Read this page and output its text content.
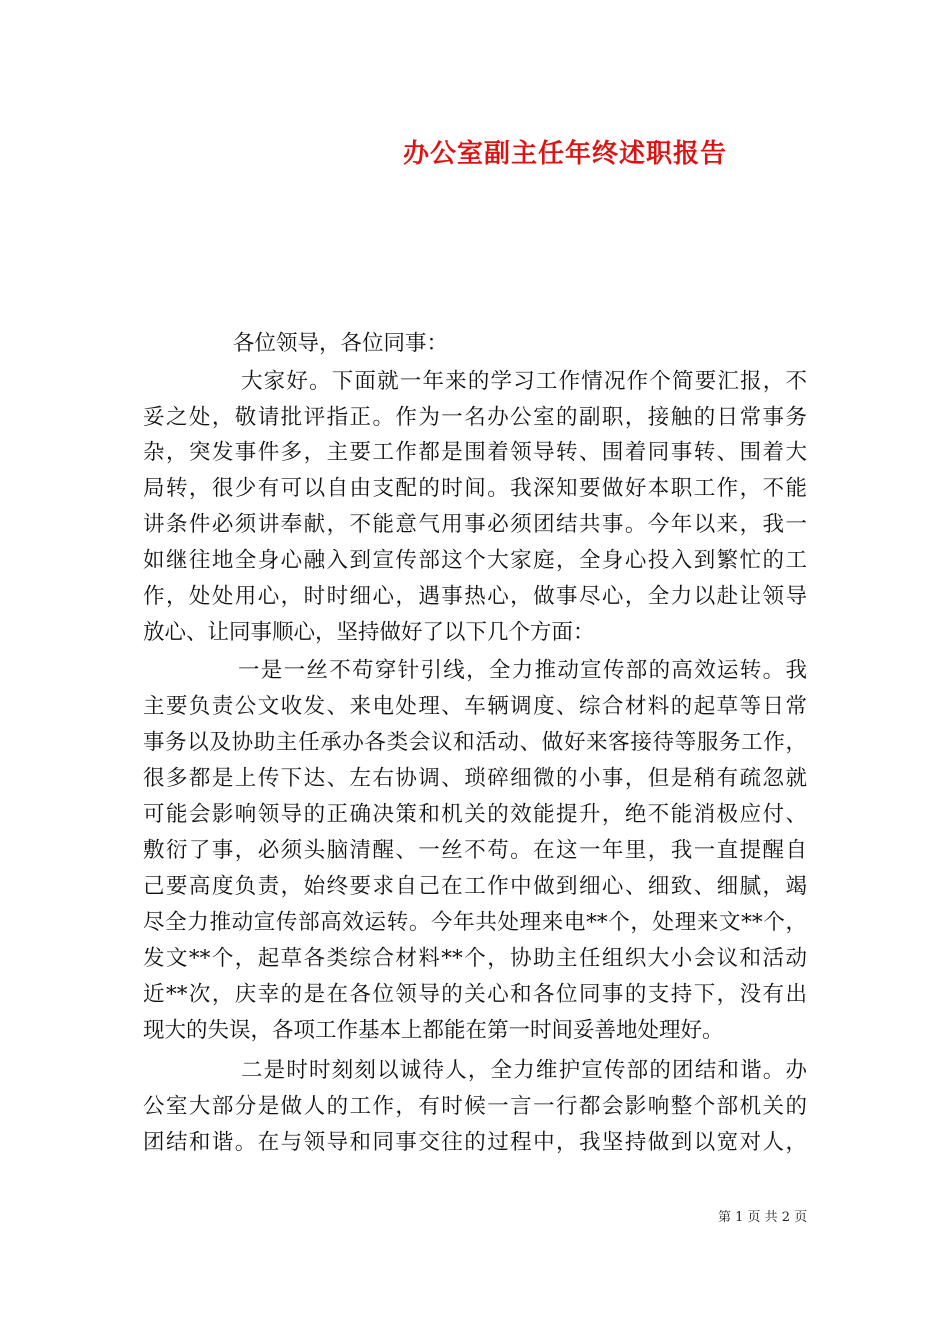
办公室副主任年终述职报告
各位领导，各位同事：
大家好。下面就一年来的学习工作情况作个简要汇报，不
妥之处，敬请批评指正。作为一名办公室的副职，接触的日常事务
杂，突发事件多，主要工作都是围着领导转、围着同事转、围着大
局转，很少有可以自由支配的时间。我深知要做好本职工作，不能
讲条件必须讲奉献，不能意气用事必须团结共事。今年以来，我一
如继往地全身心融入到宣传部这个大家庭，全身心投入到繁忙的工
作，处处用心，时时细心，遇事热心，做事尽心，全力以赴让领导
放心、让同事顺心，坚持做好了以下几个方面：
一是一丝不苟穿针引线，全力推动宣传部的高效运转。我
主要负责公文收发、来电处理、车辆调度、综合材料的起草等日常
事务以及协助主任承办各类会议和活动、做好来客接待等服务工作，
很多都是上传下达、左右协调、琐碎细微的小事，但是稍有疏忽就
可能会影响领导的正确决策和机关的效能提升，绝不能消极应付、
敷衍了事，必须头脑清醒、一丝不苟。在这一年里，我一直提醒自
己要高度负责，始终要求自己在工作中做到细心、细致、细腻，竭
尽全力推动宣传部高效运转。今年共处理来电**个，处理来文**个，
发文**个，起草各类综合材料**个，协助主任组织大小会议和活动
近**次，庆幸的是在各位领导的关心和各位同事的支持下，没有出
现大的失误，各项工作基本上都能在第一时间妥善地处理好。
二是时时刻刻以诚待人，全力维护宣传部的团结和谐。办
公室大部分是做人的工作，有时候一言一行都会影响整个部机关的
团结和谐。在与领导和同事交往的过程中，我坚持做到以宽对人，
第 1 页 共 2 页
